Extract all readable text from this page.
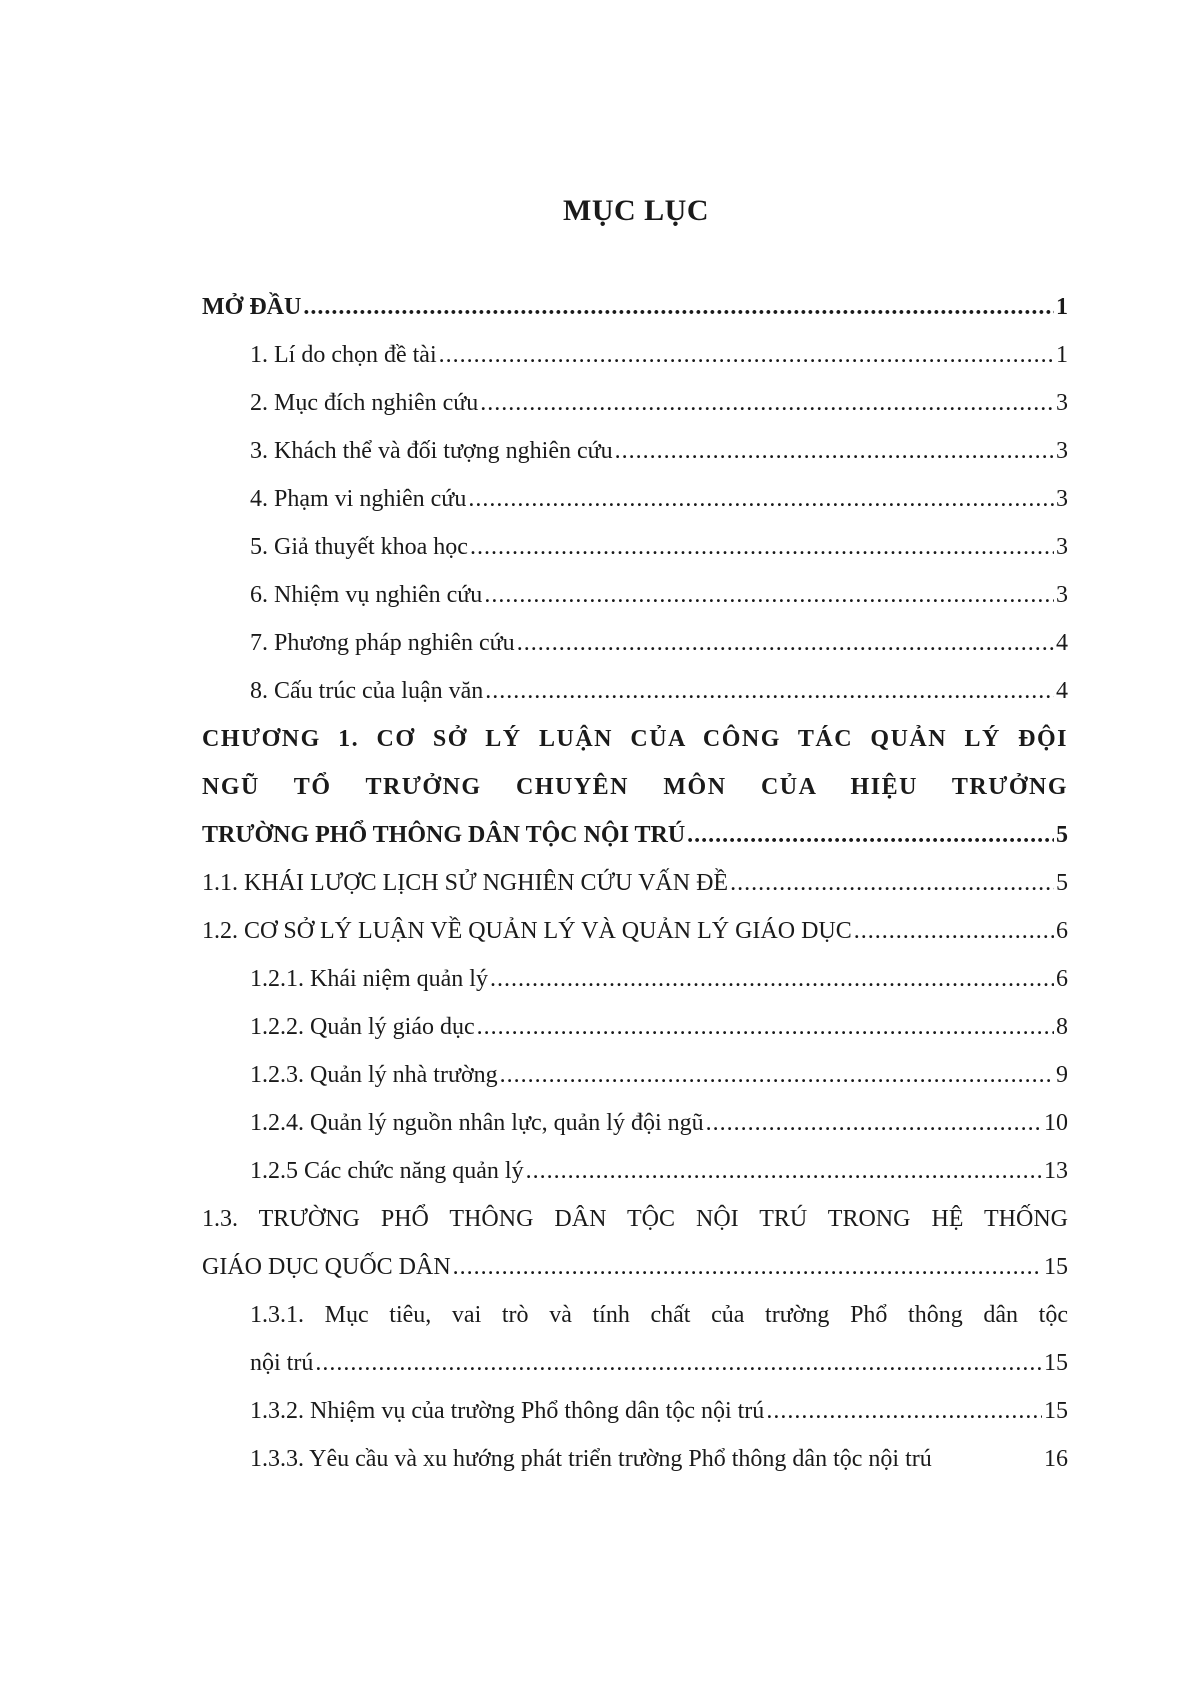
MỤC LỤC
MỞ ĐẦU .....	1
1. Lí do chọn đề tài .....	1
2. Mục đích nghiên cứu .....	3
3. Khách thể và đối tượng nghiên cứu .....	3
4. Phạm vi nghiên cứu .....	3
5. Giả thuyết khoa học .....	3
6. Nhiệm vụ nghiên cứu .....	3
7. Phương pháp nghiên cứu .....	4
8. Cấu trúc của luận văn .....	4
CHƯƠNG 1. CƠ SỞ LÝ LUẬN CỦA CÔNG TÁC QUẢN LÝ ĐỘI
NGŨ TỔ TRƯỞNG CHUYÊN MÔN CỦA HIỆU TRƯỞNG
TRƯỜNG PHỔ THÔNG DÂN TỘC NỘI TRÚ .....	5
1.1. KHÁI LƯỢC LỊCH SỬ NGHIÊN CỨU VẤN ĐỀ .....	5
1.2. CƠ SỞ LÝ LUẬN VỀ QUẢN LÝ VÀ QUẢN LÝ GIÁO DỤC .....	6
1.2.1. Khái niệm quản lý .....	6
1.2.2. Quản lý giáo dục .....	8
1.2.3. Quản lý nhà trường .....	9
1.2.4. Quản lý nguồn nhân lực, quản lý đội ngũ .....	10
1.2.5 Các chức năng quản lý .....	13
1.3. TRƯỜNG PHỔ THÔNG DÂN TỘC NỘI TRÚ TRONG HỆ THỐNG
GIÁO DỤC QUỐC DÂN .....	15
1.3.1. Mục tiêu, vai trò và tính chất của trường Phổ thông dân tộc
nội trú .....	15
1.3.2. Nhiệm vụ của trường Phổ thông dân tộc nội trú .....	15
1.3.3. Yêu cầu và xu hướng phát triển trường Phổ thông dân tộc nội trú	16
